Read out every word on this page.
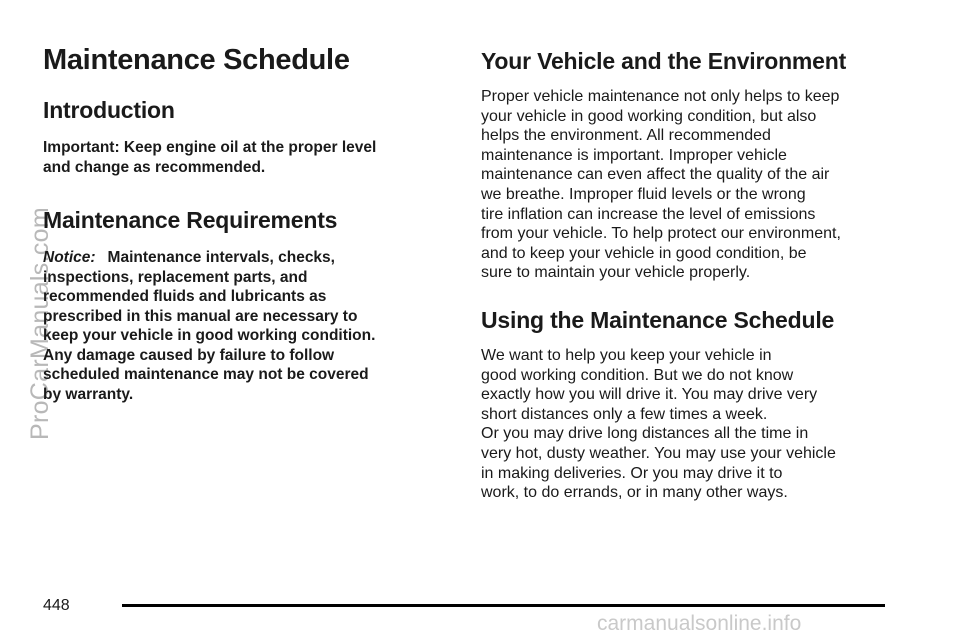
ProCarManuals.com
Maintenance Schedule
Introduction

Important: Keep engine oil at the proper level
and change as recommended.

Maintenance Requirements

Notice: Maintenance intervals, checks,
inspections, replacement parts, and
recommended fluids and lubricants as
prescribed in this manual are necessary to
keep your vehicle in good working condition.
Any damage caused by failure to follow
scheduled maintenance may not be covered
by warranty.

Your Vehicle and the Environment

Proper vehicle maintenance not only helps to keep
your vehicle in good working condition, but also
helps the environment. All recommended
maintenance is important. Improper vehicle
maintenance can even affect the quality of the air
we breathe. Improper fluid levels or the wrong
tire inflation can increase the level of emissions
from your vehicle. To help protect our environment,
and to keep your vehicle in good condition, be
sure to maintain your vehicle properly.

Using the Maintenance Schedule

We want to help you keep your vehicle in
good working condition. But we do not know
exactly how you will drive it. You may drive very
short distances only a few times a week.
Or you may drive long distances all the time in
very hot, dusty weather. You may use your vehicle
in making deliveries. Or you may drive it to
work, to do errands, or in many other ways.

448
carmanualsonline.info
